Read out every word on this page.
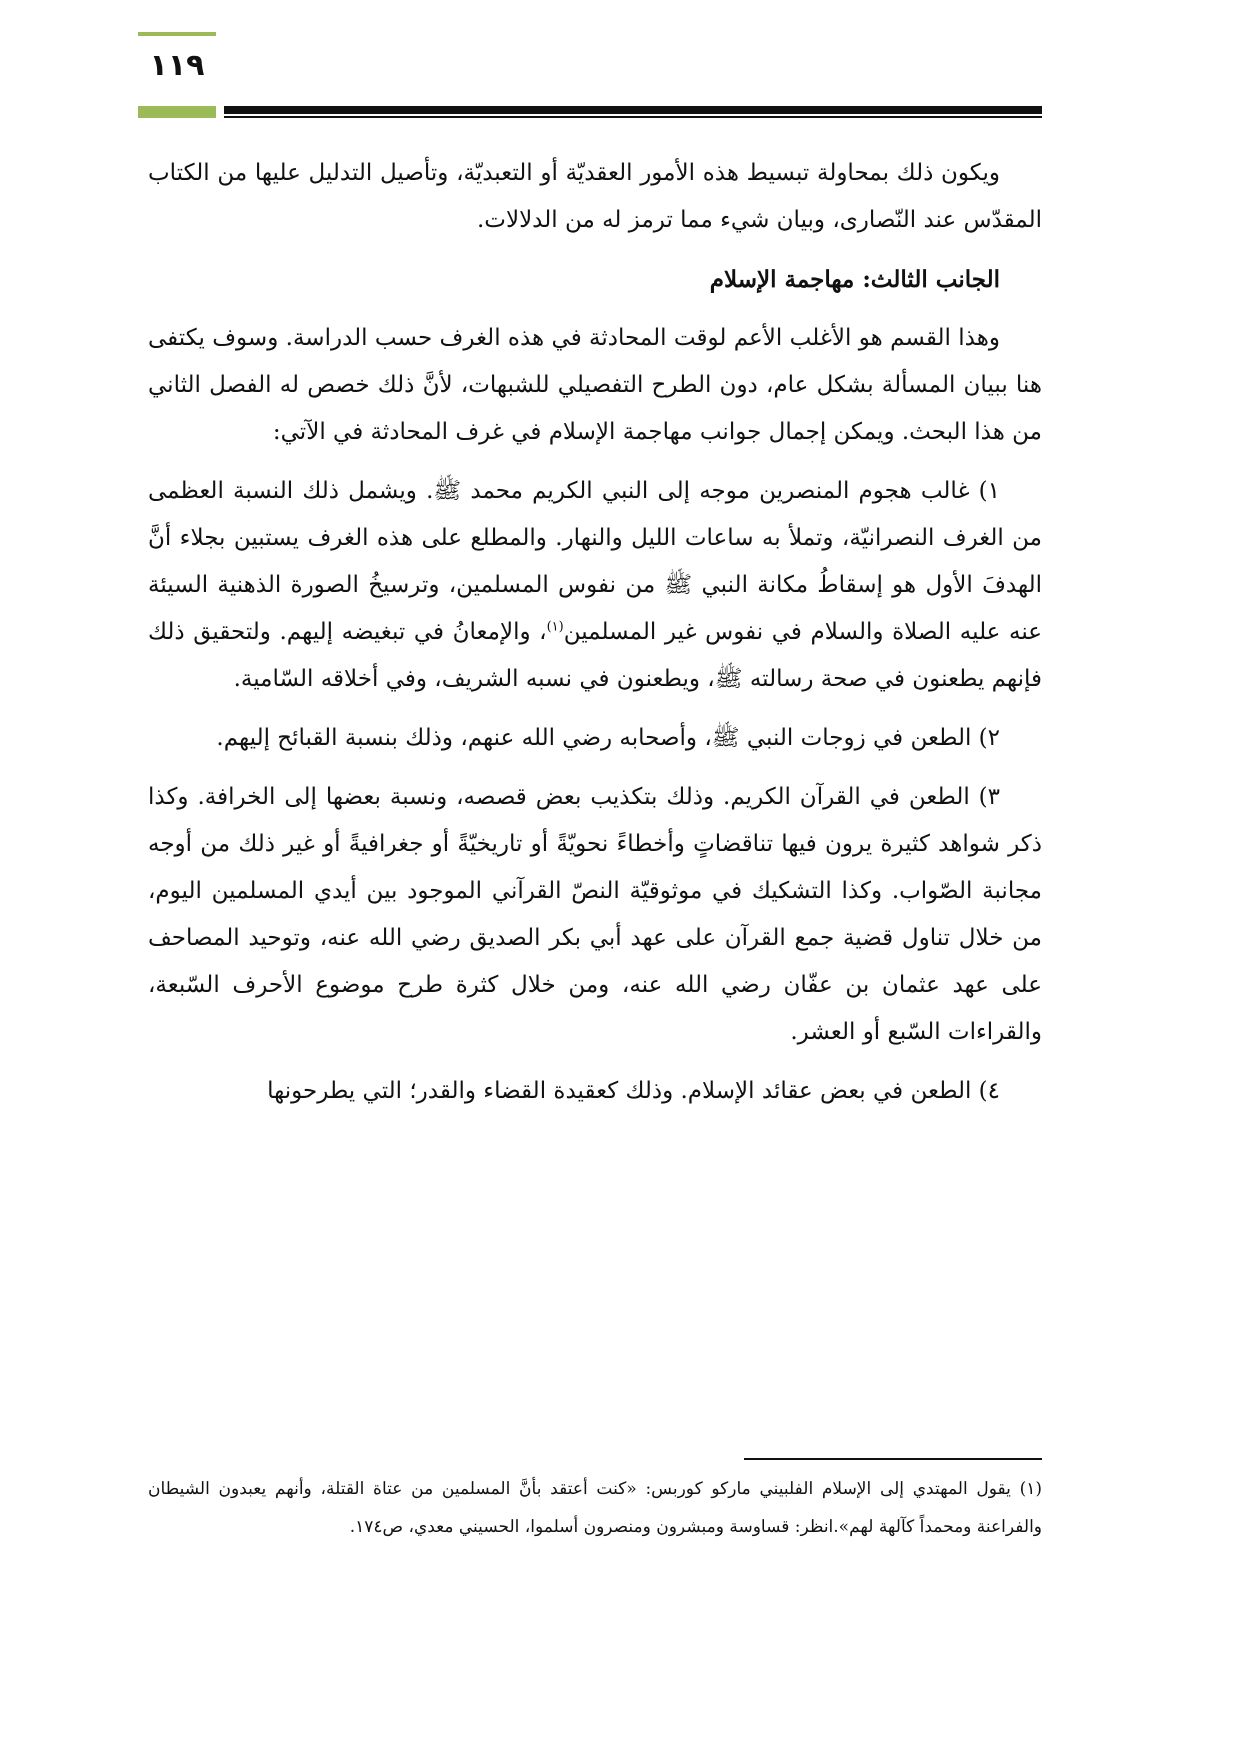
١١٩

ويكون ذلك بمحاولة تبسيط هذه الأمور العقديّة أو التعبديّة، وتأصيل التدليل عليها من الكتاب المقدّس عند النّصارى، وبيان شيء مما ترمز له من الدلالات.

الجانب الثالث: مهاجمة الإسلام

وهذا القسم هو الأغلب الأعم لوقت المحادثة في هذه الغرف حسب الدراسة. وسوف يكتفى هنا ببيان المسألة بشكل عام، دون الطرح التفصيلي للشبهات، لأنَّ ذلك خصص له الفصل الثاني من هذا البحث. ويمكن إجمال جوانب مهاجمة الإسلام في غرف المحادثة في الآتي:

١) غالب هجوم المنصرين موجه إلى النبي الكريم محمد ﷺ. ويشمل ذلك النسبة العظمى من الغرف النصرانيّة، وتملأ به ساعات الليل والنهار. والمطلع على هذه الغرف يستبين بجلاء أنَّ الهدفَ الأول هو إسقاطُ مكانة النبي ﷺ من نفوس المسلمين، وترسيخُ الصورة الذهنية السيئة عنه عليه الصلاة والسلام في نفوس غير المسلمين$^{(١)}$، والإمعانُ في تبغيضه إليهم. ولتحقيق ذلك فإنهم يطعنون في صحة رسالته ﷺ، ويطعنون في نسبه الشريف، وفي أخلاقه السّامية.

٢) الطعن في زوجات النبي ﷺ، وأصحابه رضي الله عنهم، وذلك بنسبة القبائح إليهم.

٣) الطعن في القرآن الكريم. وذلك بتكذيب بعض قصصه، ونسبة بعضها إلى الخرافة. وكذا ذكر شواهد كثيرة يرون فيها تناقضاتٍ وأخطاءً نحويّةً أو تاريخيّةً أو جغرافيةً أو غير ذلك من أوجه مجانبة الصّواب. وكذا التشكيك في موثوقيّة النصّ القرآني الموجود بين أيدي المسلمين اليوم، من خلال تناول قضية جمع القرآن على عهد أبي بكر الصديق رضي الله عنه، وتوحيد المصاحف على عهد عثمان بن عفّان رضي الله عنه، ومن خلال كثرة طرح موضوع الأحرف السّبعة، والقراءات السّبع أو العشر.

٤) الطعن في بعض عقائد الإسلام. وذلك كعقيدة القضاء والقدر؛ التي يطرحونها

(١) يقول المهتدي إلى الإسلام الفلبيني ماركو كوربس: «كنت أعتقد بأنَّ المسلمين من عتاة القتلة، وأنهم يعبدون الشيطان والفراعنة ومحمداً كآلهة لهم».انظر: قساوسة ومبشرون ومنصرون أسلموا، الحسيني معدي، ص١٧٤.
